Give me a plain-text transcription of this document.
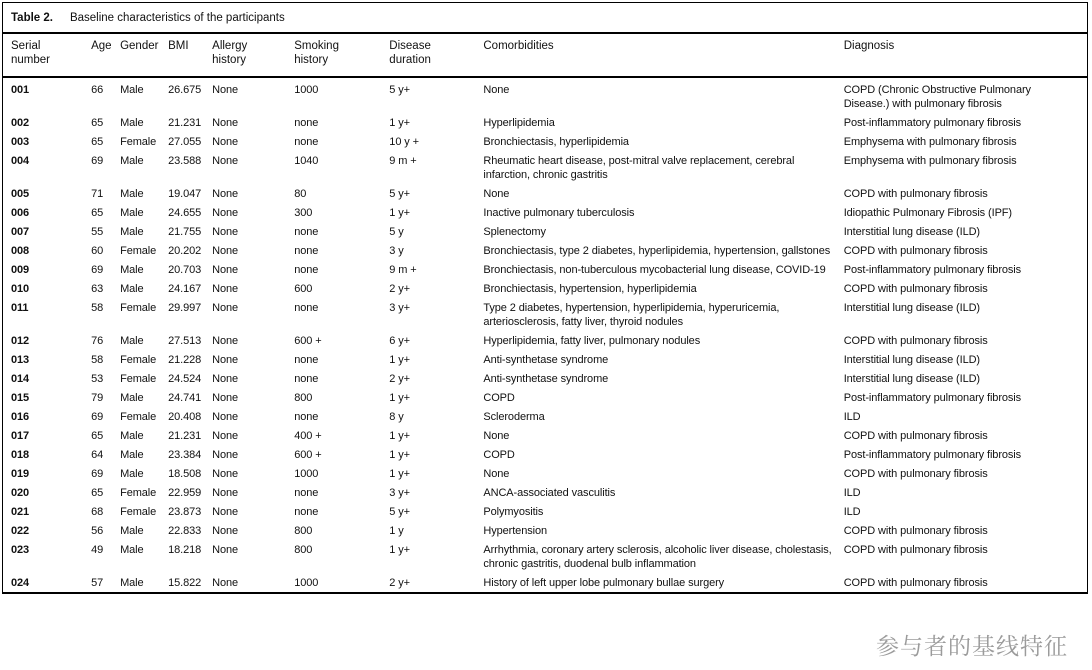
Table 2. Baseline characteristics of the participants
Serial number	Age	Gender	BMI	Allergy history	Smoking history	Disease duration	Comorbidities	Diagnosis
001	66	Male	26.675	None	1000	5 y+	None	COPD (Chronic Obstructive Pulmonary Disease.) with pulmonary fibrosis
002	65	Male	21.231	None	none	1 y+	Hyperlipidemia	Post-inflammatory pulmonary fibrosis
003	65	Female	27.055	None	none	10 y +	Bronchiectasis, hyperlipidemia	Emphysema with pulmonary fibrosis
004	69	Male	23.588	None	1040	9 m +	Rheumatic heart disease, post-mitral valve replacement, cerebral infarction, chronic gastritis	Emphysema with pulmonary fibrosis
005	71	Male	19.047	None	80	5 y+	None	COPD with pulmonary fibrosis
006	65	Male	24.655	None	300	1 y+	Inactive pulmonary tuberculosis	Idiopathic Pulmonary Fibrosis (IPF)
007	55	Male	21.755	None	none	5 y	Splenectomy	Interstitial lung disease (ILD)
008	60	Female	20.202	None	none	3 y	Bronchiectasis, type 2 diabetes, hyperlipidemia, hypertension, gallstones	COPD with pulmonary fibrosis
009	69	Male	20.703	None	none	9 m +	Bronchiectasis, non-tuberculous mycobacterial lung disease, COVID-19	Post-inflammatory pulmonary fibrosis
010	63	Male	24.167	None	600	2 y+	Bronchiectasis, hypertension, hyperlipidemia	COPD with pulmonary fibrosis
011	58	Female	29.997	None	none	3 y+	Type 2 diabetes, hypertension, hyperlipidemia, hyperuricemia, arteriosclerosis, fatty liver, thyroid nodules	Interstitial lung disease (ILD)
012	76	Male	27.513	None	600 +	6 y+	Hyperlipidemia, fatty liver, pulmonary nodules	COPD with pulmonary fibrosis
013	58	Female	21.228	None	none	1 y+	Anti-synthetase syndrome	Interstitial lung disease (ILD)
014	53	Female	24.524	None	none	2 y+	Anti-synthetase syndrome	Interstitial lung disease (ILD)
015	79	Male	24.741	None	800	1 y+	COPD	Post-inflammatory pulmonary fibrosis
016	69	Female	20.408	None	none	8 y	Scleroderma	ILD
017	65	Male	21.231	None	400 +	1 y+	None	COPD with pulmonary fibrosis
018	64	Male	23.384	None	600 +	1 y+	COPD	Post-inflammatory pulmonary fibrosis
019	69	Male	18.508	None	1000	1 y+	None	COPD with pulmonary fibrosis
020	65	Female	22.959	None	none	3 y+	ANCA-associated vasculitis	ILD
021	68	Female	23.873	None	none	5 y+	Polymyositis	ILD
022	56	Male	22.833	None	800	1 y	Hypertension	COPD with pulmonary fibrosis
023	49	Male	18.218	None	800	1 y+	Arrhythmia, coronary artery sclerosis, alcoholic liver disease, cholestasis, chronic gastritis, duodenal bulb inflammation	COPD with pulmonary fibrosis
024	57	Male	15.822	None	1000	2 y+	History of left upper lobe pulmonary bullae surgery	COPD with pulmonary fibrosis
参与者的基线特征
